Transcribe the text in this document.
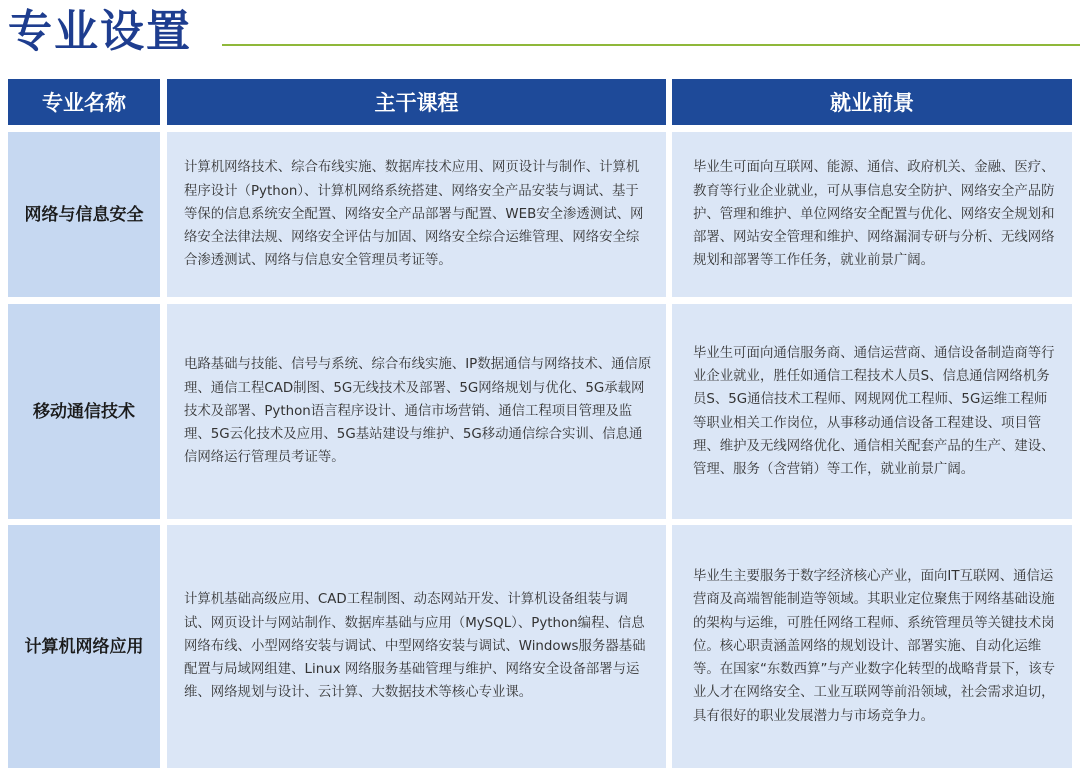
专业设置
专业名称	主干课程	就业前景
网络与信息安全
计算机网络技术、综合布线实施、数据库技术应用、网页设计与制作、计算机程序设计（Python）、计算机网络系统搭建、网络安全产品安装与调试、基于等保的信息系统安全配置、网络安全产品部署与配置、WEB安全渗透测试、网络安全法律法规、网络安全评估与加固、网络安全综合运维管理、网络安全综合渗透测试、网络与信息安全管理员考证等。
毕业生可面向互联网、能源、通信、政府机关、金融、医疗、教育等行业企业就业，可从事信息安全防护、网络安全产品防护、管理和维护、单位网络安全配置与优化、网络安全规划和部署、网站安全管理和维护、网络漏洞专研与分析、无线网络规划和部署等工作任务，就业前景广阔。
移动通信技术
电路基础与技能、信号与系统、综合布线实施、IP数据通信与网络技术、通信原理、通信工程CAD制图、5G无线技术及部署、5G网络规划与优化、5G承载网技术及部署、Python语言程序设计、通信市场营销、通信工程项目管理及监理、5G云化技术及应用、5G基站建设与维护、5G移动通信综合实训、信息通信网络运行管理员考证等。
毕业生可面向通信服务商、通信运营商、通信设备制造商等行业企业就业，胜任如通信工程技术人员S、信息通信网络机务员S、5G通信技术工程师、网规网优工程师、5G运维工程师等职业相关工作岗位，从事移动通信设备工程建设、项目管理、维护及无线网络优化、通信相关配套产品的生产、建设、管理、服务（含营销）等工作，就业前景广阔。
计算机网络应用
计算机基础高级应用、CAD工程制图、动态网站开发、计算机设备组装与调试、网页设计与网站制作、数据库基础与应用（MySQL）、Python编程、信息网络布线、小型网络安装与调试、中型网络安装与调试、Windows服务器基础配置与局域网组建、Linux 网络服务基础管理与维护、网络安全设备部署与运维、网络规划与设计、云计算、大数据技术等核心专业课。
毕业生主要服务于数字经济核心产业，面向IT互联网、通信运营商及高端智能制造等领域。其职业定位聚焦于网络基础设施的架构与运维，可胜任网络工程师、系统管理员等关键技术岗位。核心职责涵盖网络的规划设计、部署实施、自动化运维等。在国家“东数西算”与产业数字化转型的战略背景下，该专业人才在网络安全、工业互联网等前沿领域，社会需求迫切，具有很好的职业发展潜力与市场竞争力。
